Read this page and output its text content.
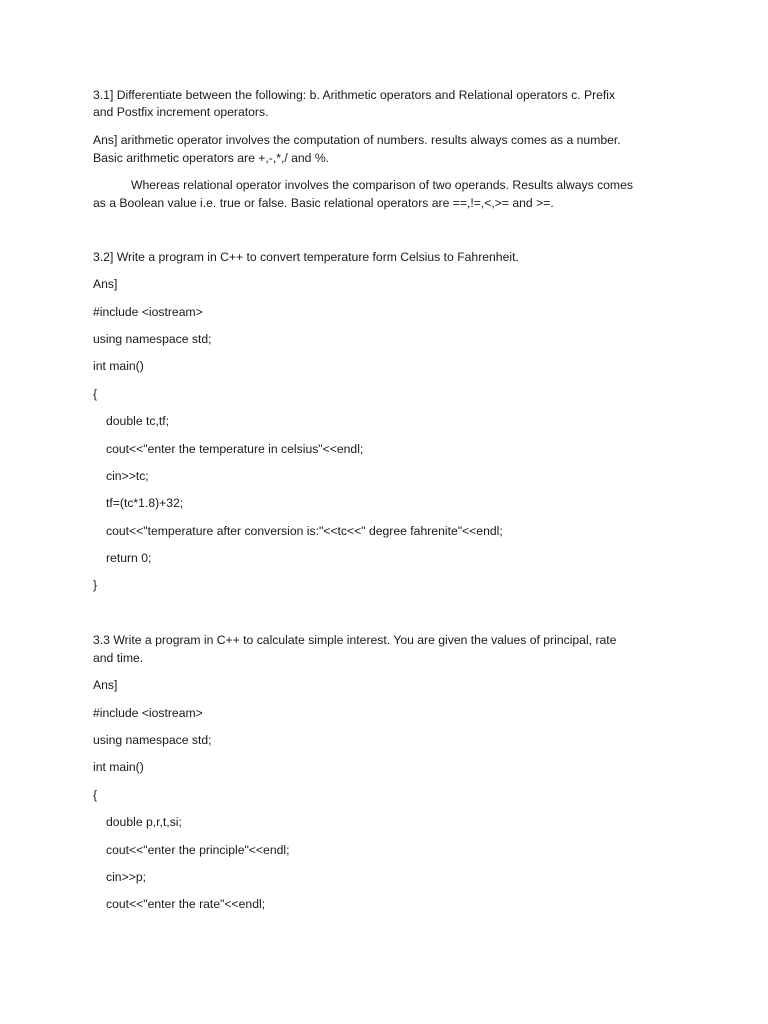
3.1] Differentiate between the following: b. Arithmetic operators and Relational operators c. Prefix

and Postfix increment operators.

Ans] arithmetic operator involves the computation of numbers. results always comes as a number.

Basic arithmetic operators are +,-,*,/ and %.

Whereas relational operator involves the comparison of two operands. Results always comes

as a Boolean value i.e. true or false. Basic relational operators are ==,!=,<,>= and >=.

3.2] Write a program in C++ to convert temperature form Celsius to Fahrenheit.

Ans]

#include <iostream>

using namespace std;

int main()

{

double tc,tf;

cout<<"enter the temperature in celsius"<<endl;

cin>>tc;

tf=(tc*1.8)+32;

cout<<"temperature after conversion is:"<<tc<<" degree fahrenite"<<endl;

return 0;

}

3.3 Write a program in C++ to calculate simple interest. You are given the values of principal, rate

and time.

Ans]

#include <iostream>

using namespace std;

int main()

{

double p,r,t,si;

cout<<"enter the principle"<<endl;

cin>>p;

cout<<"enter the rate"<<endl;
